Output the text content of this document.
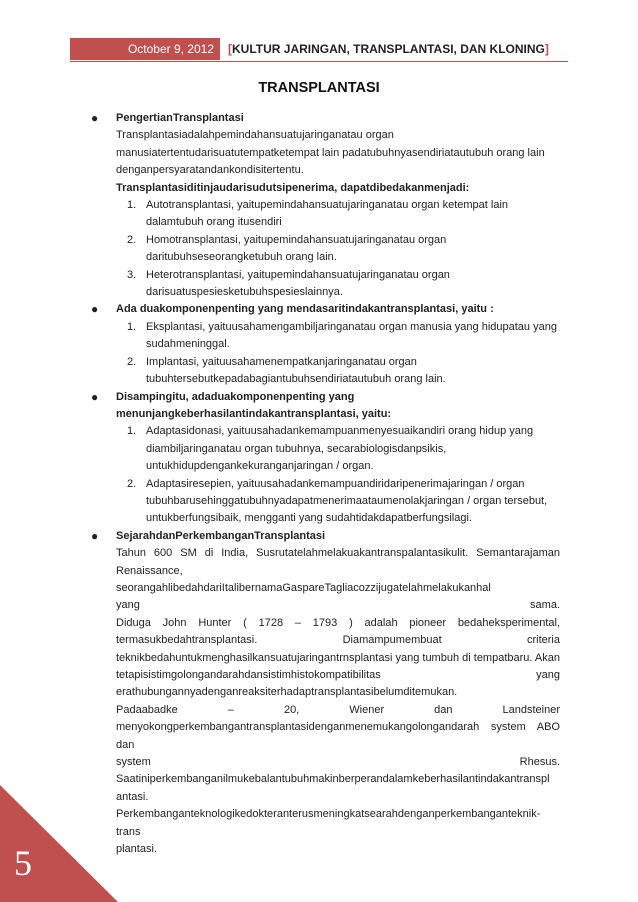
October 9, 2012 [KULTUR JARINGAN, TRANSPLANTASI, DAN KLONING]
TRANSPLANTASI
● PengertianTransplantasi
Transplantasiadalahpemindahansuatujaringanatau organ
manusiatertentudarisuatutempatketempat lain padatubuhnyasendiriatautubuh orang lain
denganpersyaratandankondisitertentu.
Transplantasiditinjaudarisudutsipenerima, dapatdibedakanmenjadi:
1. Autotransplantasi, yaitupemindahansuatujaringanatau organ ketempat lain
dalamtubuh orang itusendiri
2. Homotransplantasi, yaitupemindahansuatujaringanatau organ
daritubuhseseorangketubuh orang lain.
3. Heterotransplantasi, yaitupemindahansuatujaringanatau organ
darisuatuspesiesketubuhspesieslainnya.
● Ada duakomponenpenting yang mendasaritindakantransplantasi, yaitu :
1. Eksplantasi, yaituusahamengambiljaringanatau organ manusia yang hidupatau yang
sudahmeninggal.
2. Implantasi, yaituusahamenempatkanjaringanatau organ
tubuhtersebutkepadabagiantubuhsendiriatautubuh orang lain.
● Disampingitu, adaduakomponenpenting yang
menunjangkeberhasilantindakantransplantasi, yaitu:
1. Adaptasidonasi, yaituusahadankemampuanmenyesuaikandiri orang hidup yang
diambiljaringanatau organ tubuhnya, secarabiologisdanpsikis,
untukhidupdengankekuranganjaringan / organ.
2. Adaptasiresepien, yaituusahadankemampuandiridaripenerimajaringan / organ
tubuhbarusehinggatubuhnyadapatmenerimaataumenolakjaringan / organ tersebut,
untukberfungsibaik, mengganti yang sudahtidakdapatberfungsilagi.
● SejarahdanPerkembanganTransplantasi
Tahun 600 SM di India, Susrutatelahmelakuakantranspalantasikulit. Semantarajaman
Renaissance, seorangahlibedahdariItalibernamaGaspareTagliacozzijugatelahmelakukanhal
yang sama.
Diduga John Hunter ( 1728 – 1793 ) adalah pioneer bedaheksperimental,
termasukbedahtransplantasi. Diamampumembuat criteria
teknikbedahuntukmenghasilkansuatujaringantrnsplantasi yang tumbuh di tempatbaru. Akan
tetapisistimgolongandarahdansistimhistokompatibilitas yang
erathubungannyadenganreaksiterhadaptransplantasibelumditemukan.
Padaabadke – 20, Wiener dan Landsteiner
menyokongperkembangantransplantasidenganmenemukangolongandarah system ABO dan
system Rhesus.
Saatiniperkembanganilmukebalantubuhmakinberperandalamkeberhasilantindakantranspl
antasi.
Perkembanganteknologikedokteranterusmeningkatsearahdenganperkembangantekniktrans
plantasi.
5
